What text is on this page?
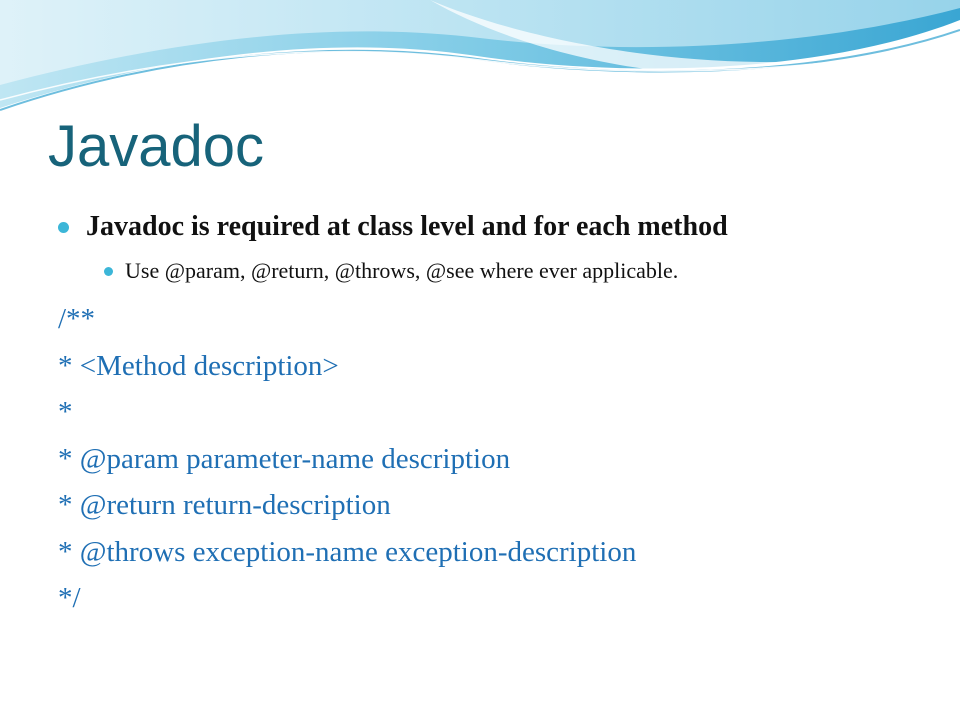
Javadoc
Javadoc is required at class level and for each method
Use @param, @return, @throws, @see where ever applicable.
/**
* <Method description>
*
* @param parameter-name description
* @return return-description
* @throws exception-name exception-description
*/
